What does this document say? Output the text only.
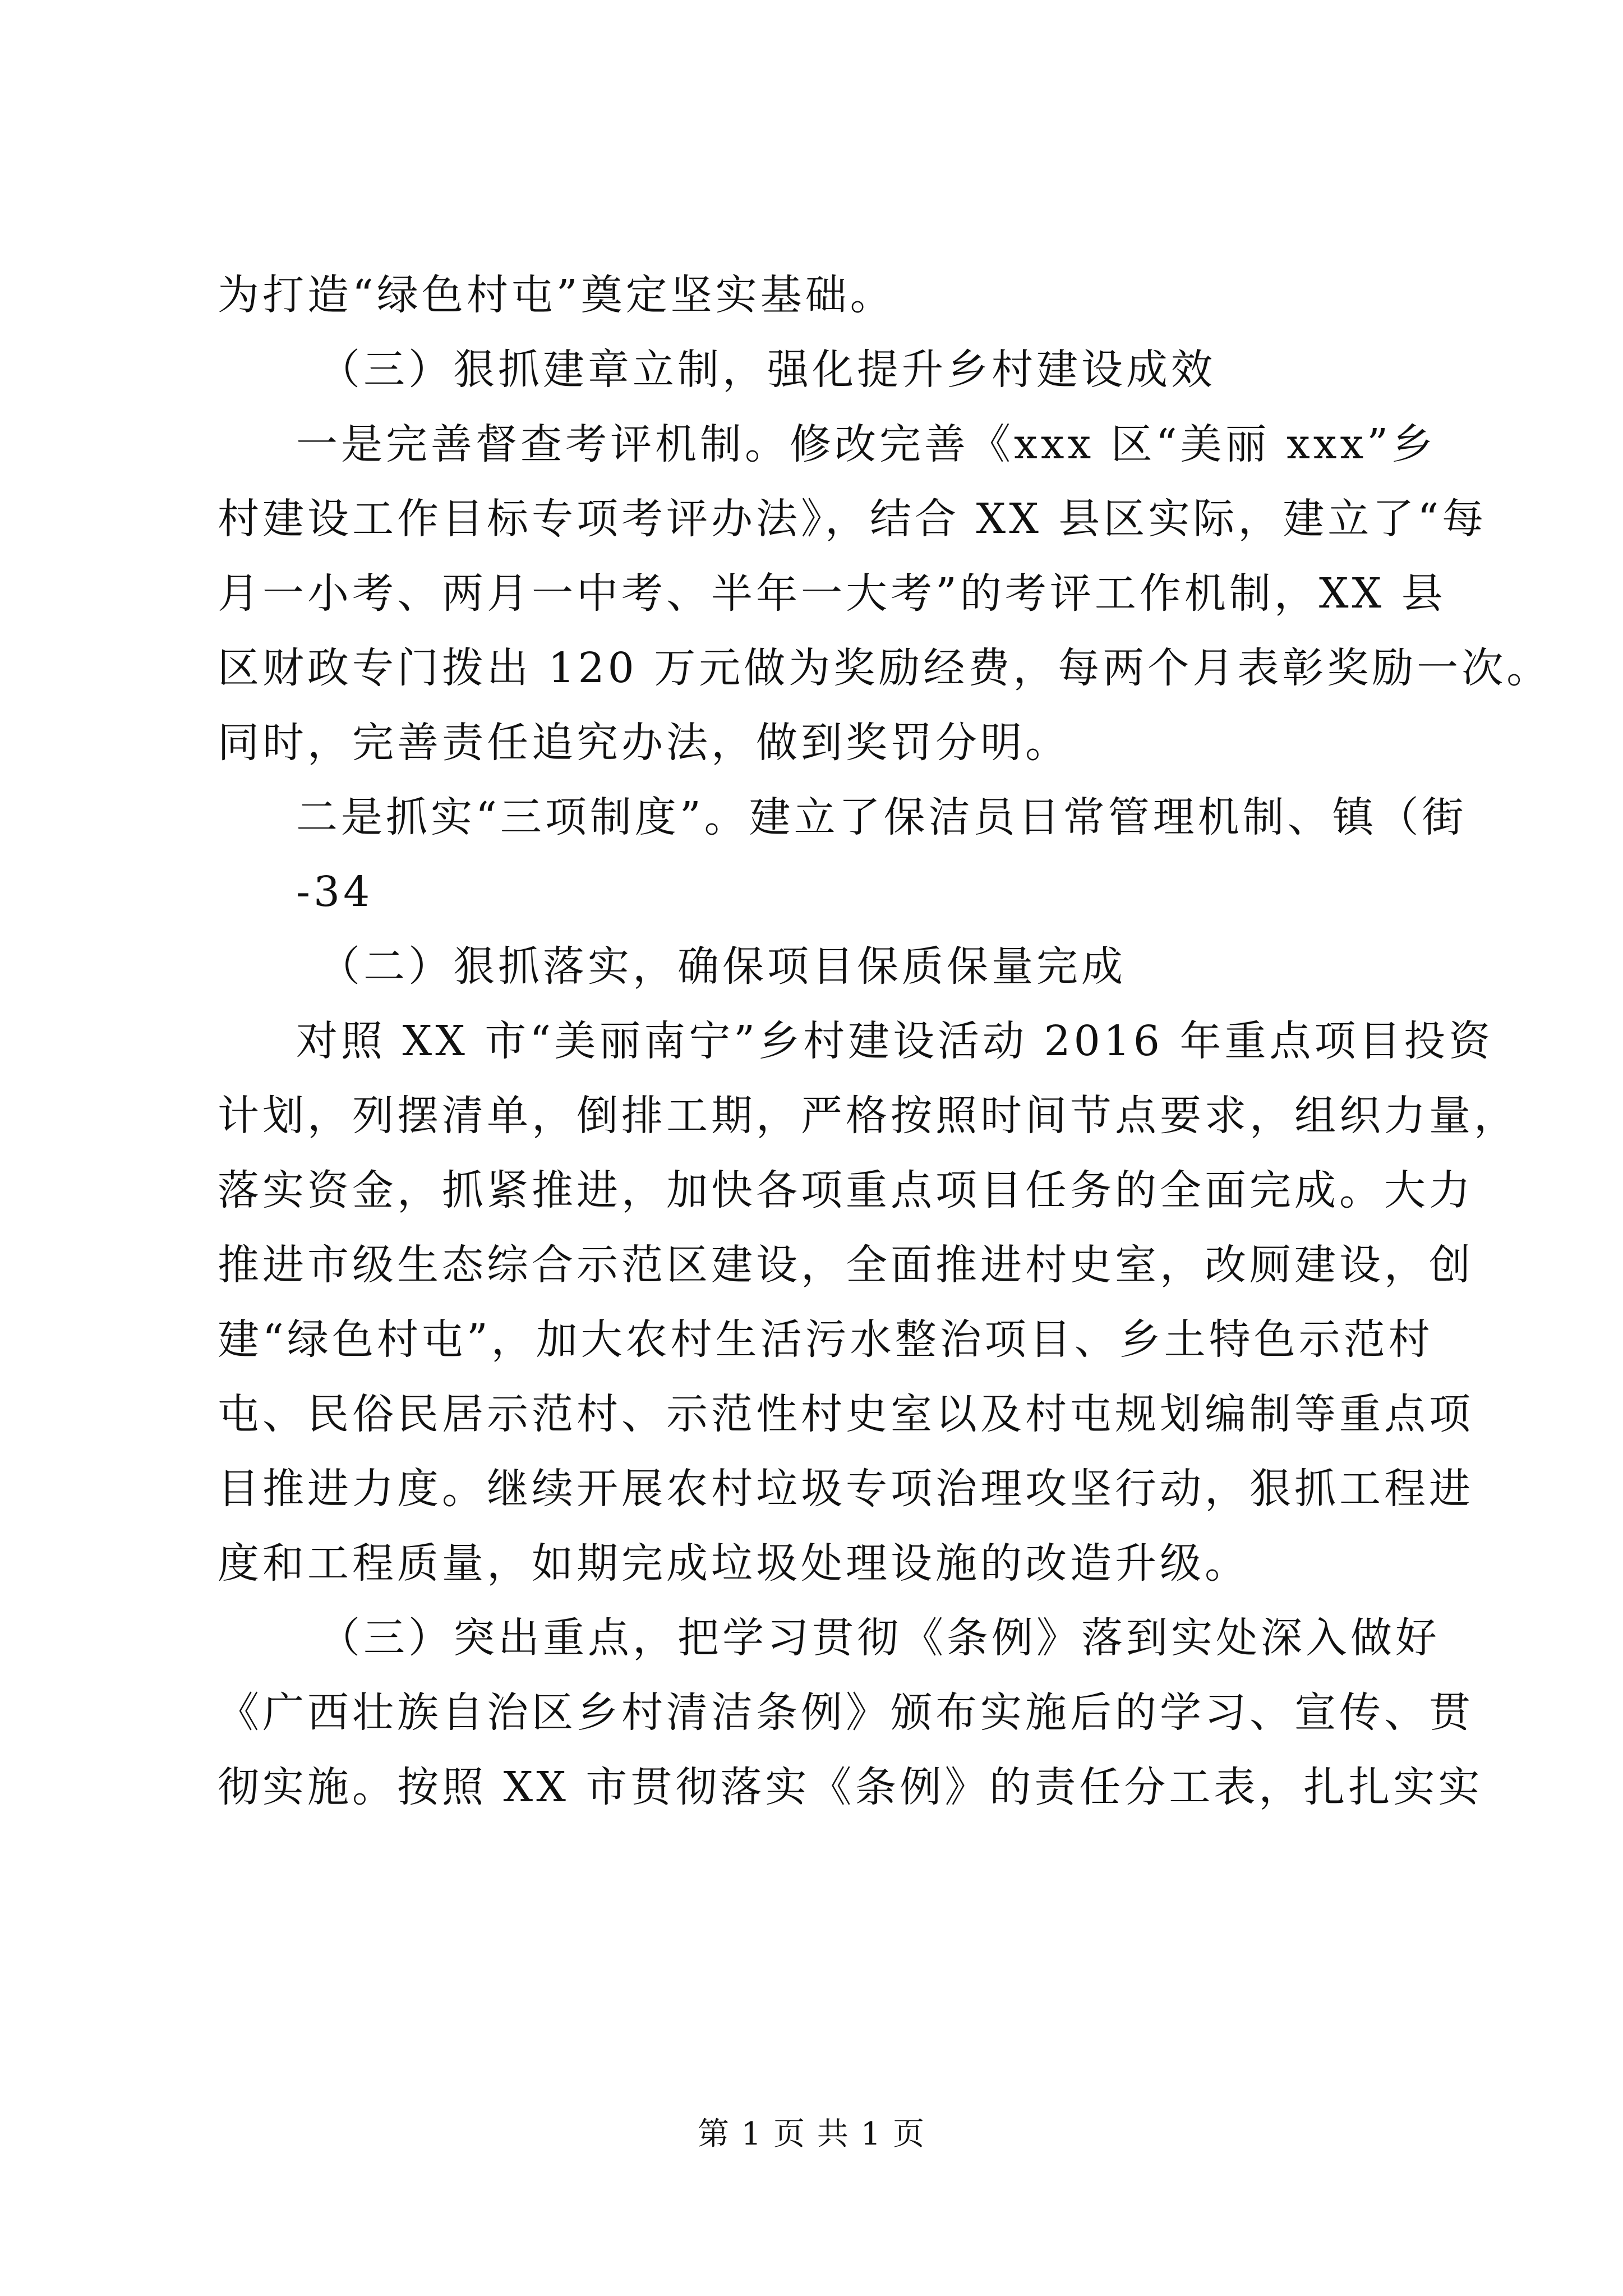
为打造“绿色村屯”奠定坚实基础。
（三）狠抓建章立制，强化提升乡村建设成效
一是完善督查考评机制。修改完善《xxx 区“美丽 xxx”乡
村建设工作目标专项考评办法》，结合 XX 县区实际，建立了“每
月一小考、两月一中考、半年一大考”的考评工作机制，XX 县
区财政专门拨出 120 万元做为奖励经费，每两个月表彰奖励一次。
同时，完善责任追究办法，做到奖罚分明。
二是抓实“三项制度”。建立了保洁员日常管理机制、镇（街
-34
（二）狠抓落实，确保项目保质保量完成
对照 XX 市“美丽南宁”乡村建设活动 2016 年重点项目投资
计划，列摆清单，倒排工期，严格按照时间节点要求，组织力量，
落实资金，抓紧推进，加快各项重点项目任务的全面完成。大力
推进市级生态综合示范区建设，全面推进村史室，改厕建设，创
建“绿色村屯”，加大农村生活污水整治项目、乡土特色示范村
屯、民俗民居示范村、示范性村史室以及村屯规划编制等重点项
目推进力度。继续开展农村垃圾专项治理攻坚行动，狠抓工程进
度和工程质量，如期完成垃圾处理设施的改造升级。
（三）突出重点，把学习贯彻《条例》落到实处深入做好
《广西壮族自治区乡村清洁条例》颁布实施后的学习、宣传、贯
彻实施。按照 XX 市贯彻落实《条例》的责任分工表，扎扎实实
第 1 页 共 1 页
